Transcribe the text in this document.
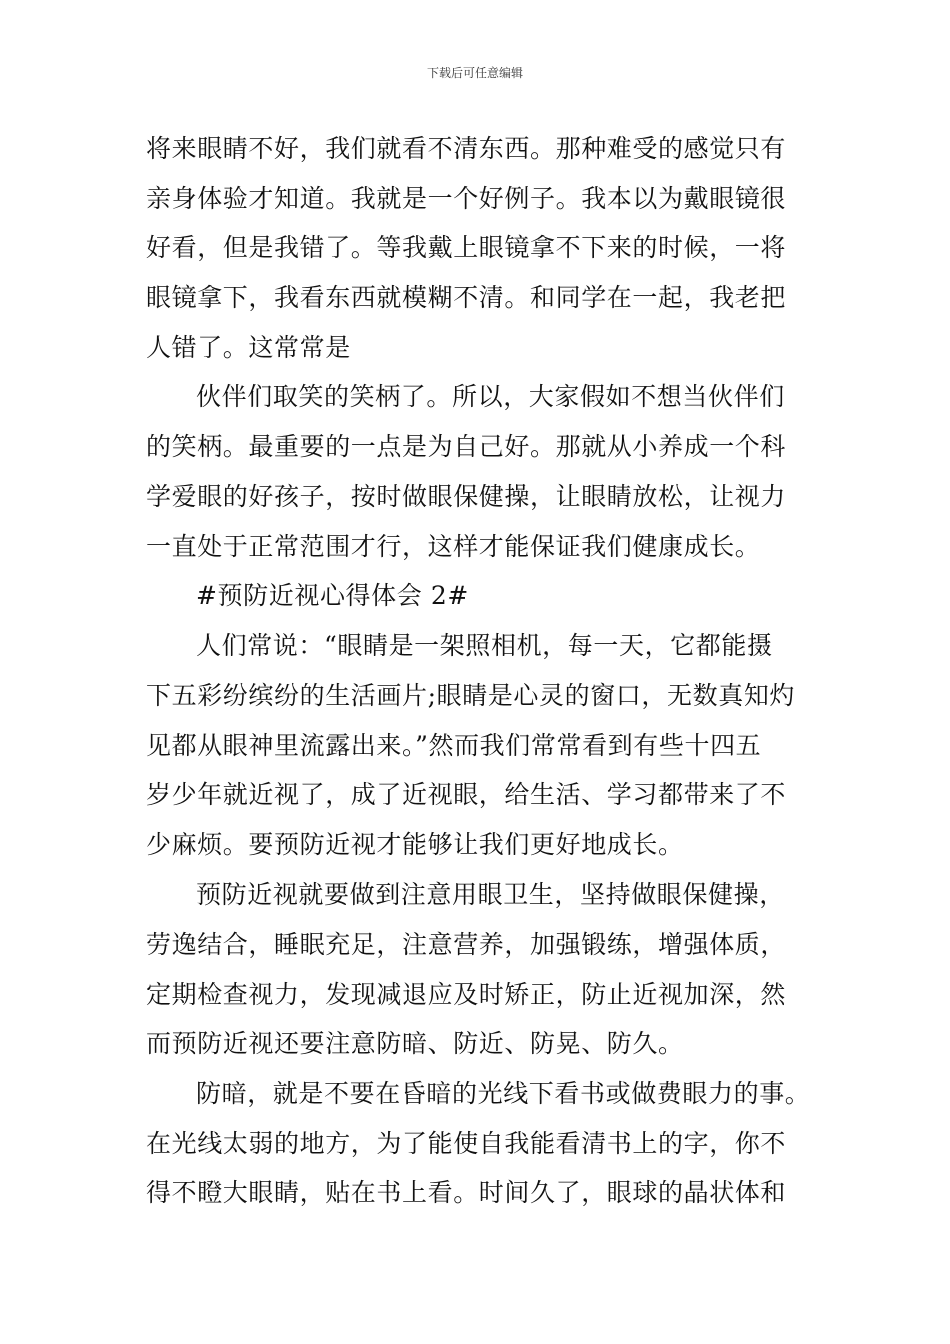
下载后可任意编辑
将来眼睛不好，我们就看不清东西。那种难受的感觉只有
亲身体验才知道。我就是一个好例子。我本以为戴眼镜很
好看，但是我错了。等我戴上眼镜拿不下来的时候，一将
眼镜拿下，我看东西就模糊不清。和同学在一起，我老把
人错了。这常常是
伙伴们取笑的笑柄了。所以，大家假如不想当伙伴们
的笑柄。最重要的一点是为自己好。那就从小养成一个科
学爱眼的好孩子，按时做眼保健操，让眼睛放松，让视力
一直处于正常范围才行，这样才能保证我们健康成长。
#预防近视心得体会 2#
人们常说：“眼睛是一架照相机，每一天，它都能摄
下五彩纷缤纷的生活画片;眼睛是心灵的窗口，无数真知灼
见都从眼神里流露出来。”然而我们常常看到有些十四五
岁少年就近视了，成了近视眼，给生活、学习都带来了不
少麻烦。要预防近视才能够让我们更好地成长。
预防近视就要做到注意用眼卫生，坚持做眼保健操，
劳逸结合，睡眠充足，注意营养，加强锻练，增强体质，
定期检查视力，发现减退应及时矫正，防止近视加深，然
而预防近视还要注意防暗、防近、防晃、防久。
防暗，就是不要在昏暗的光线下看书或做费眼力的事。
在光线太弱的地方，为了能使自我能看清书上的字，你不
得不瞪大眼睛，贴在书上看。时间久了，眼球的晶状体和
